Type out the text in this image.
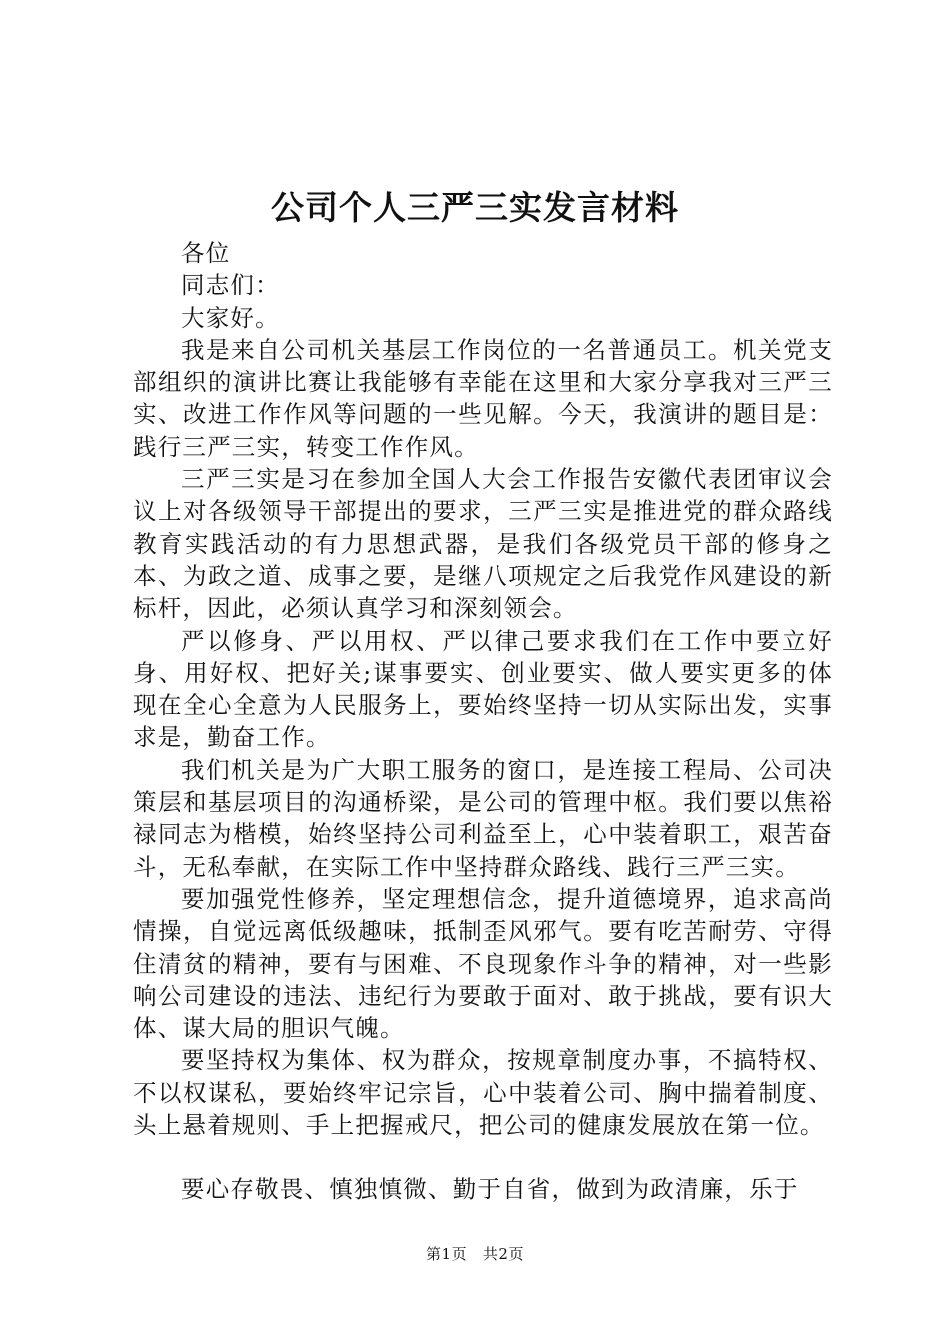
公司个人三严三实发言材料

各位

同志们：

大家好。

我是来自公司机关基层工作岗位的一名普通员工。机关党支部组织的演讲比赛让我能够有幸能在这里和大家分享我对三严三实、改进工作作风等问题的一些见解。今天，我演讲的题目是：践行三严三实，转变工作作风。

三严三实是习在参加全国人大会工作报告安徽代表团审议会议上对各级领导干部提出的要求，三严三实是推进党的群众路线教育实践活动的有力思想武器，是我们各级党员干部的修身之本、为政之道、成事之要，是继八项规定之后我党作风建设的新标杆，因此，必须认真学习和深刻领会。

严以修身、严以用权、严以律己要求我们在工作中要立好身、用好权、把好关;谋事要实、创业要实、做人要实更多的体现在全心全意为人民服务上，要始终坚持一切从实际出发，实事求是，勤奋工作。

我们机关是为广大职工服务的窗口，是连接工程局、公司决策层和基层项目的沟通桥梁，是公司的管理中枢。我们要以焦裕禄同志为楷模，始终坚持公司利益至上，心中装着职工，艰苦奋斗，无私奉献，在实际工作中坚持群众路线、践行三严三实。

要加强党性修养，坚定理想信念，提升道德境界，追求高尚情操，自觉远离低级趣味，抵制歪风邪气。要有吃苦耐劳、守得住清贫的精神，要有与困难、不良现象作斗争的精神，对一些影响公司建设的违法、违纪行为要敢于面对、敢于挑战，要有识大体、谋大局的胆识气魄。

要坚持权为集体、权为群众，按规章制度办事，不搞特权、不以权谋私，要始终牢记宗旨，心中装着公司、胸中揣着制度、头上悬着规则、手上把握戒尺，把公司的健康发展放在第一位。

要心存敬畏、慎独慎微、勤于自省，做到为政清廉，乐于

第1页 共2页
